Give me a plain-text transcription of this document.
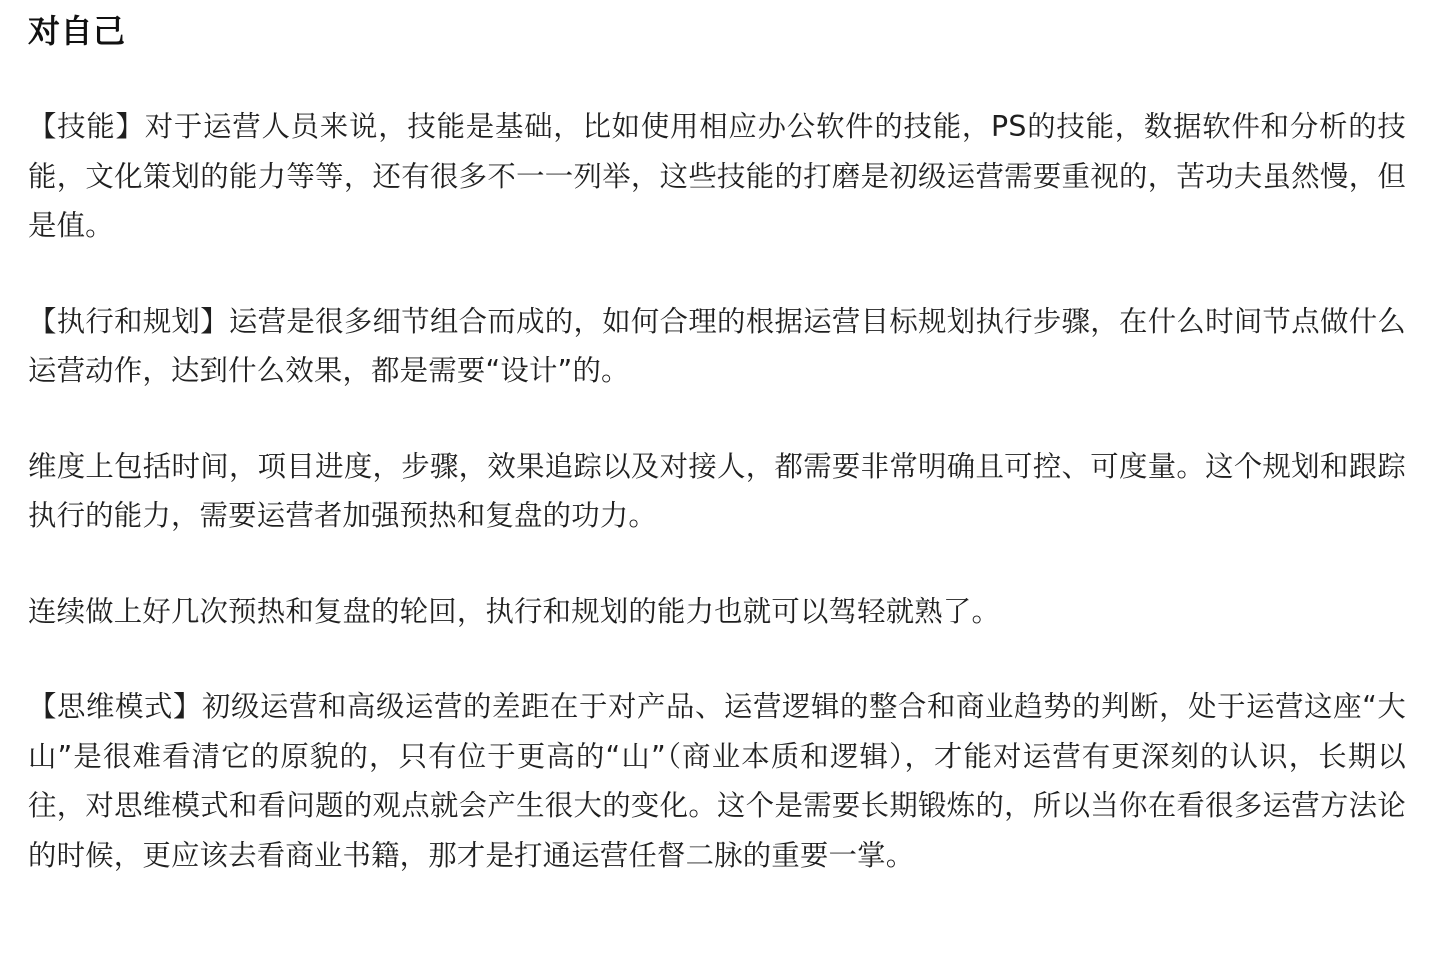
对自己

【技能】对于运营人员来说，技能是基础，比如使用相应办公软件的技能，PS的技能，数据软件和分析的技能，文化策划的能力等等，还有很多不一一列举，这些技能的打磨是初级运营需要重视的，苦功夫虽然慢，但是值。

【执行和规划】运营是很多细节组合而成的，如何合理的根据运营目标规划执行步骤，在什么时间节点做什么运营动作，达到什么效果，都是需要“设计”的。

维度上包括时间，项目进度，步骤，效果追踪以及对接人，都需要非常明确且可控、可度量。这个规划和跟踪执行的能力，需要运营者加强预热和复盘的功力。

连续做上好几次预热和复盘的轮回，执行和规划的能力也就可以驾轻就熟了。

【思维模式】初级运营和高级运营的差距在于对产品、运营逻辑的整合和商业趋势的判断，处于运营这座“大山”是很难看清它的原貌的，只有位于更高的“山”（商业本质和逻辑），才能对运营有更深刻的认识，长期以往，对思维模式和看问题的观点就会产生很大的变化。这个是需要长期锻炼的，所以当你在看很多运营方法论的时候，更应该去看商业书籍，那才是打通运营任督二脉的重要一掌。
